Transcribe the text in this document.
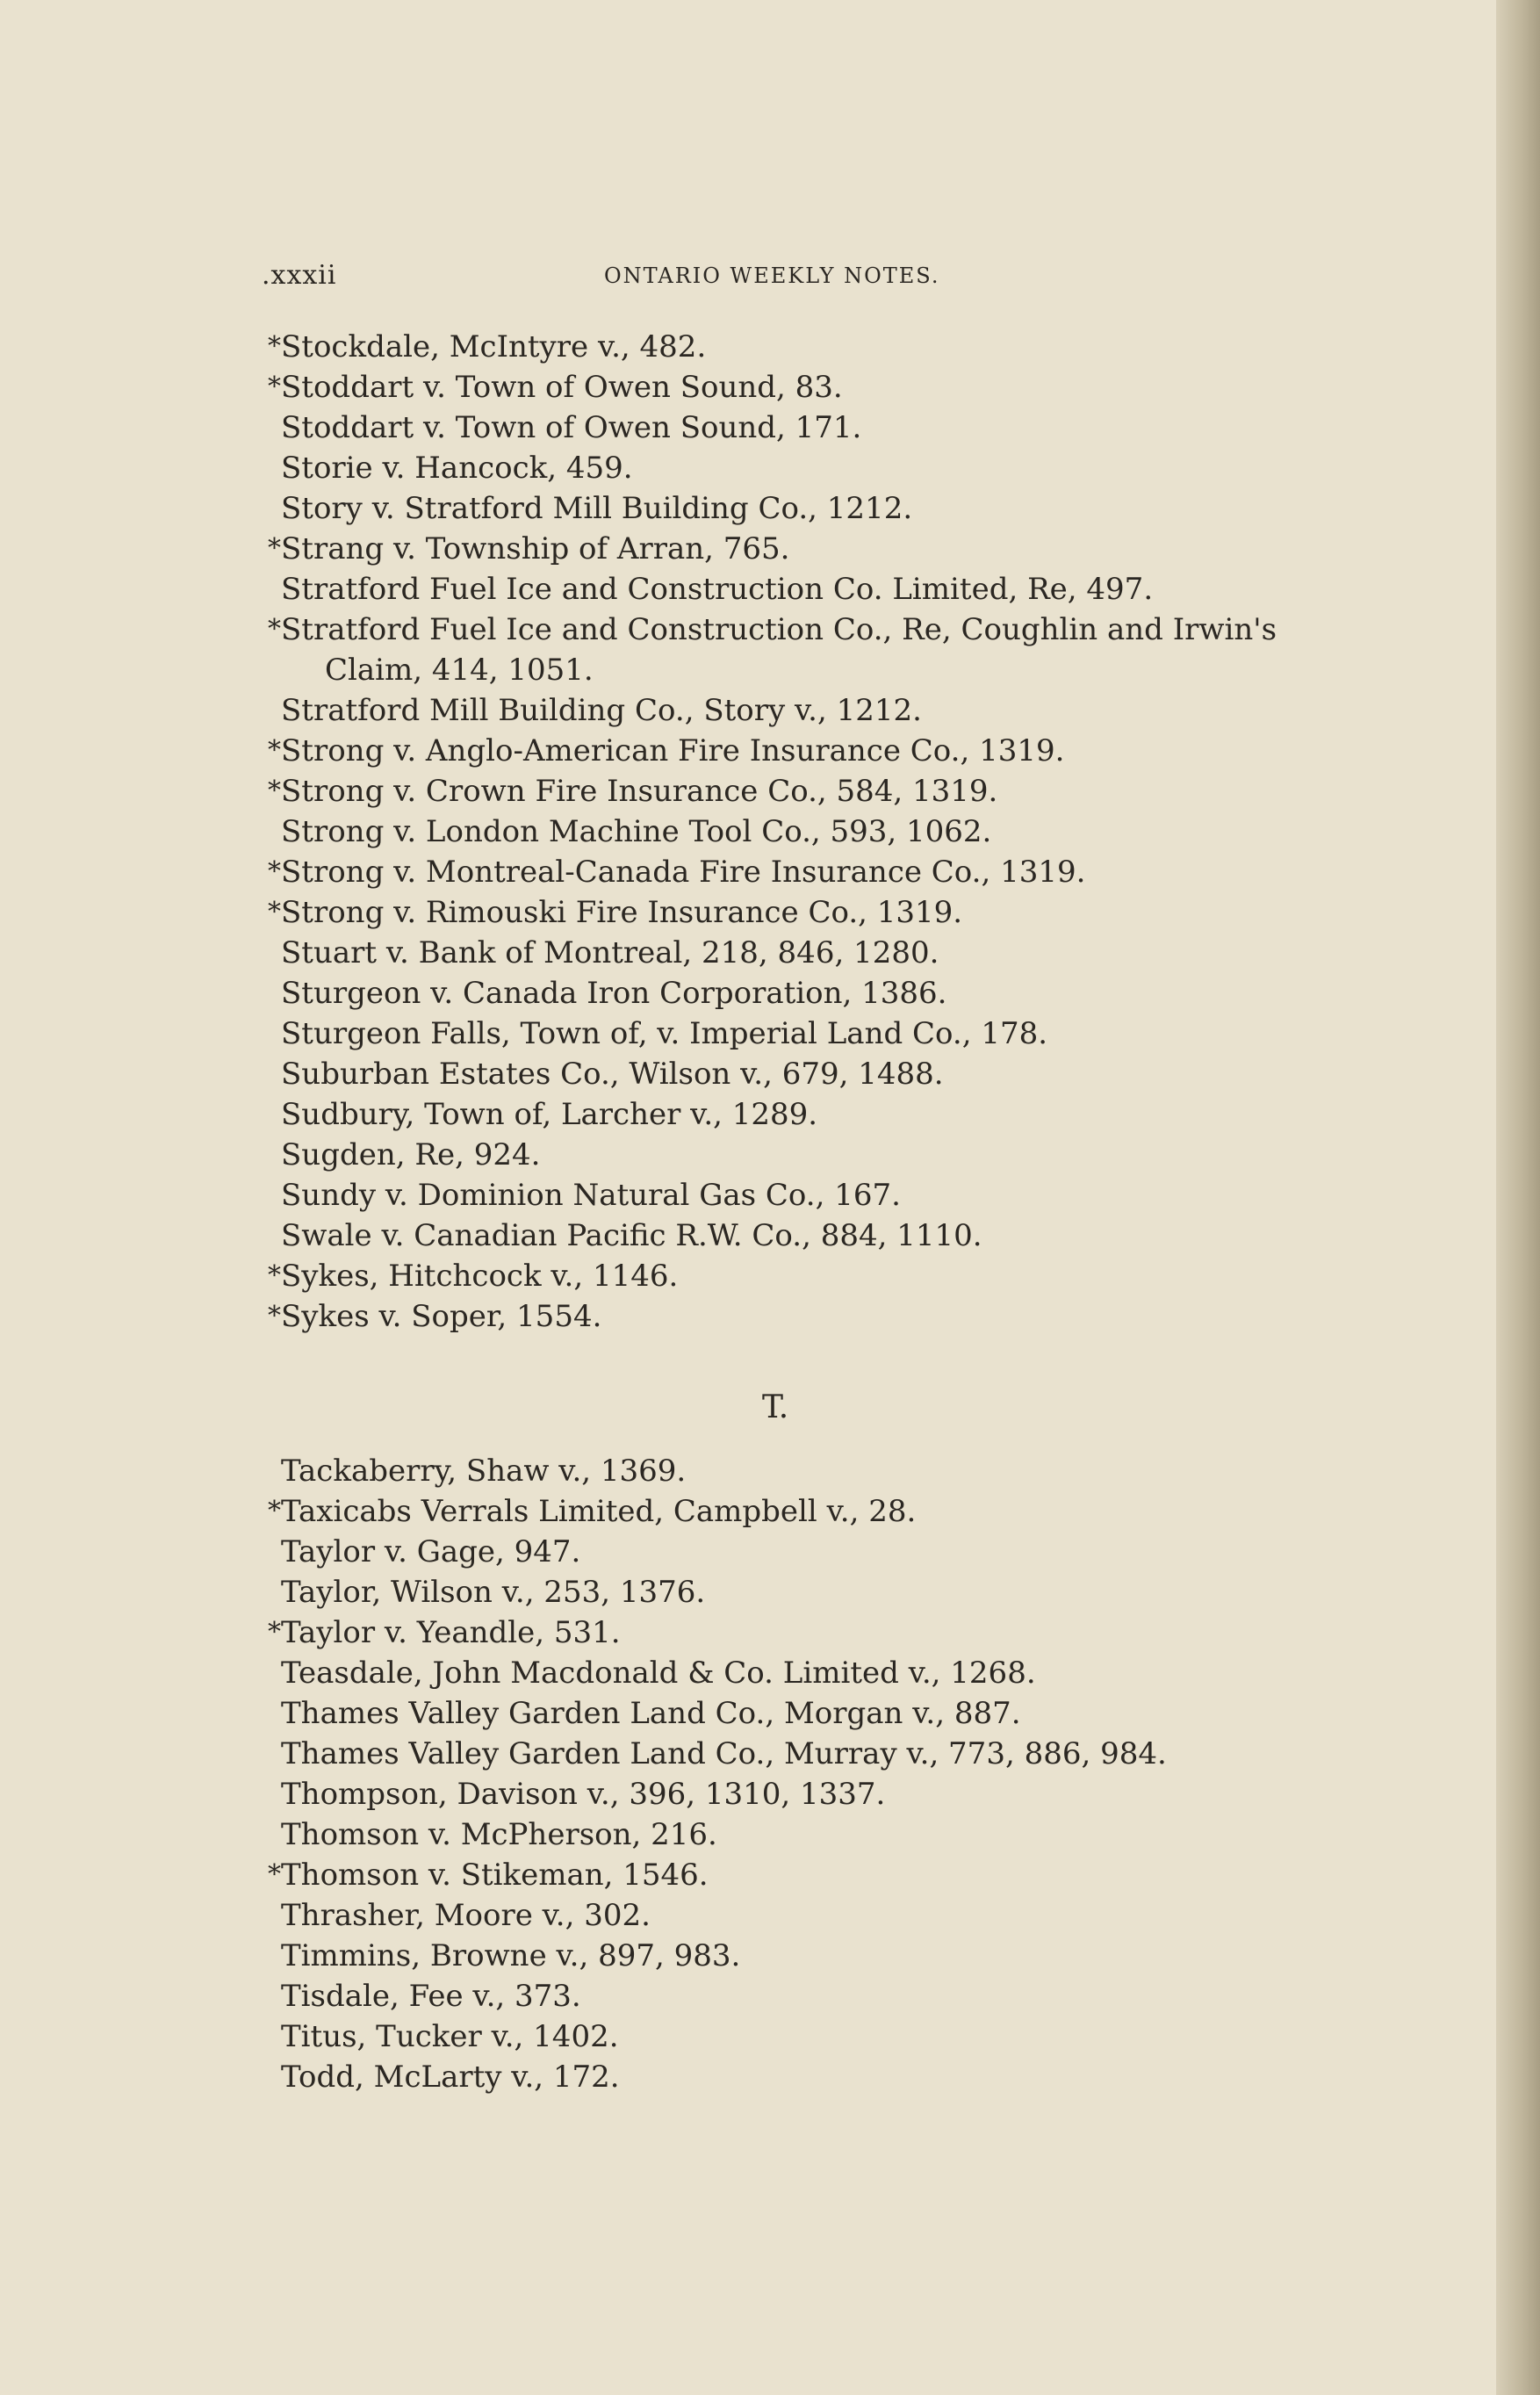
.xxxii	ONTARIO WEEKLY NOTES.
* Stockdale, McIntyre v., 482.
* Stoddart v. Town of Owen Sound, 83.
Stoddart v. Town of Owen Sound, 171.
Storie v. Hancock, 459.
Story v. Stratford Mill Building Co., 1212.
* Strang v. Township of Arran, 765.
Stratford Fuel Ice and Construction Co. Limited, Re, 497.
* Stratford Fuel Ice and Construction Co., Re, Coughlin and Irwin's Claim, 414, 1051.
Stratford Mill Building Co., Story v., 1212.
* Strong v. Anglo-American Fire Insurance Co., 1319.
* Strong v. Crown Fire Insurance Co., 584, 1319.
Strong v. London Machine Tool Co., 593, 1062.
* Strong v. Montreal-Canada Fire Insurance Co., 1319.
* Strong v. Rimouski Fire Insurance Co., 1319.
Stuart v. Bank of Montreal, 218, 846, 1280.
Sturgeon v. Canada Iron Corporation, 1386.
Sturgeon Falls, Town of, v. Imperial Land Co., 178.
Suburban Estates Co., Wilson v., 679, 1488.
Sudbury, Town of, Larcher v., 1289.
Sugden, Re, 924.
Sundy v. Dominion Natural Gas Co., 167.
Swale v. Canadian Pacific R.W. Co., 884, 1110.
* Sykes, Hitchcock v., 1146.
* Sykes v. Soper, 1554.
T.
Tackaberry, Shaw v., 1369.
* Taxicabs Verrals Limited, Campbell v., 28.
Taylor v. Gage, 947.
Taylor, Wilson v., 253, 1376.
* Taylor v. Yeandle, 531.
Teasdale, John Macdonald & Co. Limited v., 1268.
Thames Valley Garden Land Co., Morgan v., 887.
Thames Valley Garden Land Co., Murray v., 773, 886, 984.
Thompson, Davison v., 396, 1310, 1337.
Thomson v. McPherson, 216.
* Thomson v. Stikeman, 1546.
Thrasher, Moore v., 302.
Timmins, Browne v., 897, 983.
Tisdale, Fee v., 373.
Titus, Tucker v., 1402.
Todd, McLarty v., 172.
